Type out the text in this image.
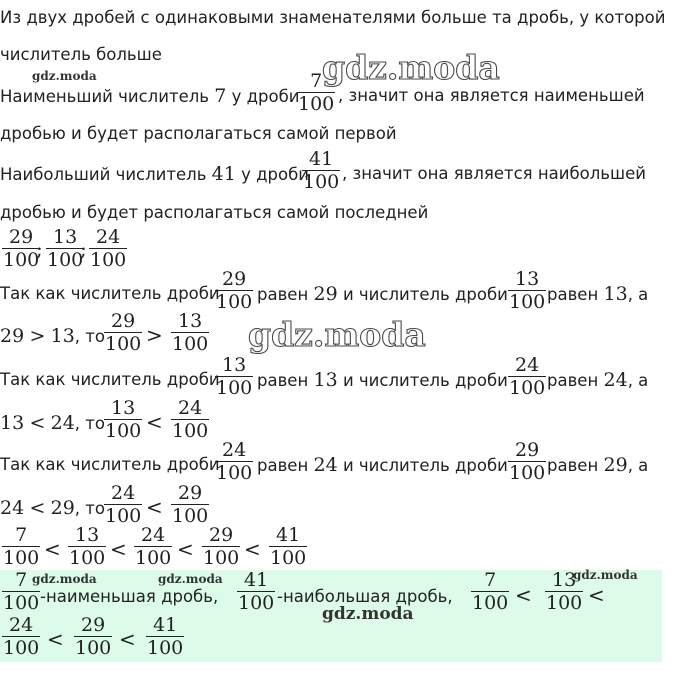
Из двух дробей с одинаковыми знаменателями больше та дробь, у которой
числитель больше
Наименьший числитель 7 у дроби
$\frac{7}{100}$ , значит она является наименьшей
дробью и будет располагаться самой первой
Наибольший числитель 41 у дроби
$\frac{41}{100}$ , значит она является наибольшей
дробью и будет располагаться самой последней
$\frac{29}{100}$
; $\frac{13}{100}$
; $\frac{24}{100}$
Так как числитель дроби
$\frac{29}{100}$ равен 29 и числитель дроби $\frac{13}{100}$ равен 13, а
29 > 13, то $\frac{29}{100} > \frac{13}{100}$
Так как числитель дроби
$\frac{13}{100}$ равен 13 и числитель дроби $\frac{24}{100}$ равен 24, а
13 < 24, то $\frac{13}{100} < \frac{24}{100}$
Так как числитель дроби
$\frac{24}{100}$ равен 24 и числитель дроби $\frac{29}{100}$ равен 29, а
24 < 29, то $\frac{24}{100} < \frac{29}{100}$
$\frac{7}{100} < \frac{13}{100} < \frac{24}{100} < \frac{29}{100} < \frac{41}{100}$
$\frac{7}{100}$ -наименьшая дробь, $\frac{41}{100}$ -наибольшая дробь, $\frac{7}{100} < \frac{13}{100}$ <
$\frac{24}{100} < \frac{29}{100} < \frac{41}{100}$
gdz.moda
gdz.moda
gdz.moda
gdz.moda	gdz.moda	gdz.moda
gdz.moda
